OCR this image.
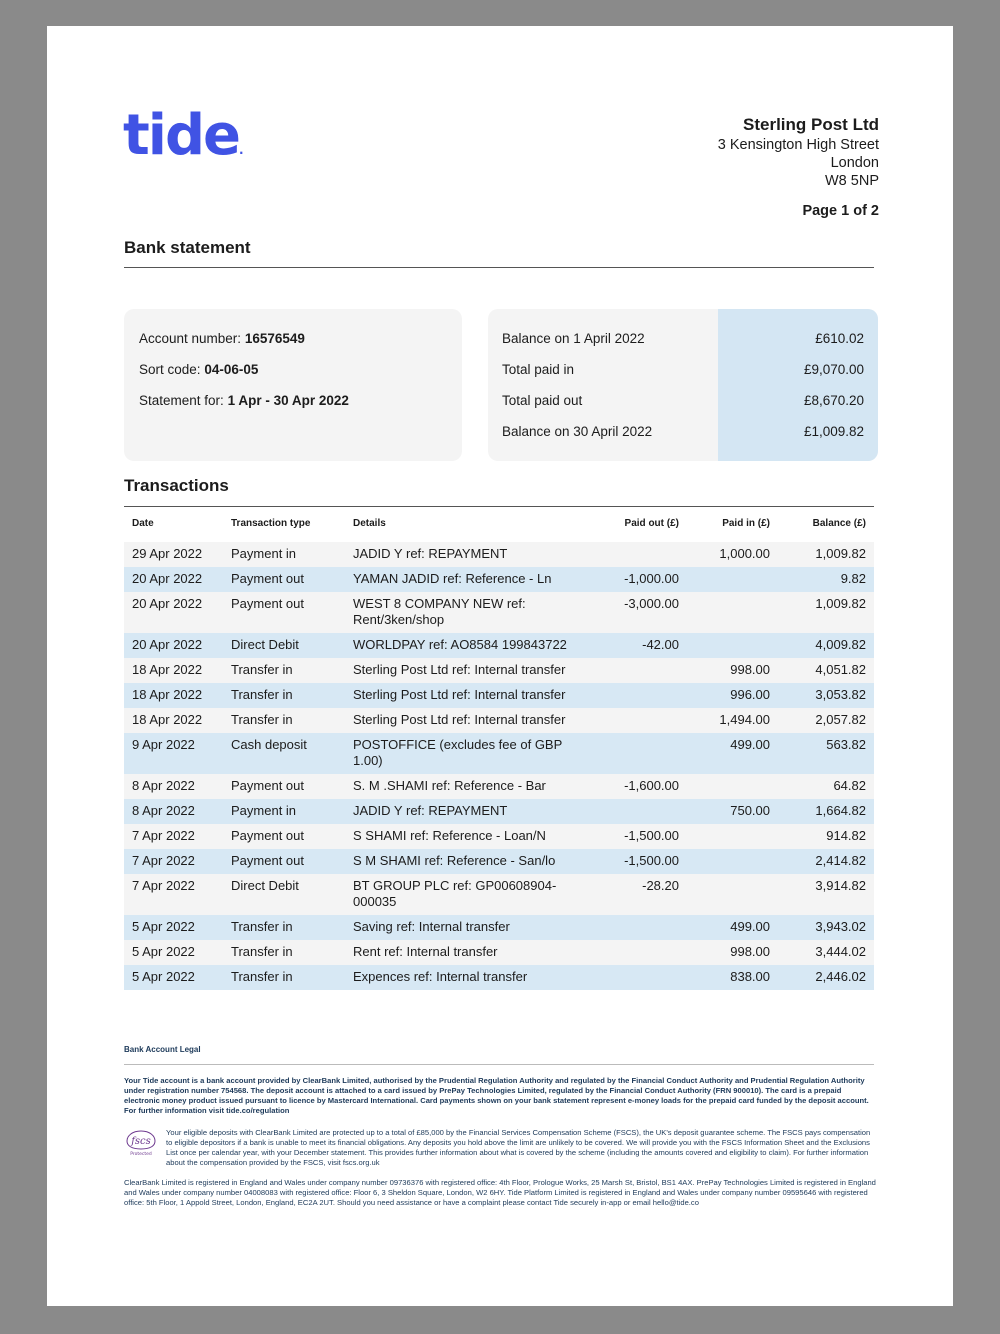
tide.
Sterling Post Ltd
3 Kensington High Street
London
W8 5NP
Page 1 of 2
Bank statement
Account number: 16576549
Sort code: 04-06-05
Statement for: 1 Apr - 30 Apr 2022
Balance on 1 April 2022	£610.02
Total paid in	£9,070.00
Total paid out	£8,670.20
Balance on 30 April 2022	£1,009.82
Transactions
Date	Transaction type	Details	Paid out (£)	Paid in (£)	Balance (£)
29 Apr 2022	Payment in	JADID Y ref: REPAYMENT		1,000.00	1,009.82
20 Apr 2022	Payment out	YAMAN JADID ref: Reference - Ln	-1,000.00		9.82
20 Apr 2022	Payment out	WEST 8 COMPANY NEW ref: Rent/3ken/shop	-3,000.00		1,009.82
20 Apr 2022	Direct Debit	WORLDPAY ref: AO8584 199843722	-42.00		4,009.82
18 Apr 2022	Transfer in	Sterling Post Ltd ref: Internal transfer		998.00	4,051.82
18 Apr 2022	Transfer in	Sterling Post Ltd ref: Internal transfer		996.00	3,053.82
18 Apr 2022	Transfer in	Sterling Post Ltd ref: Internal transfer		1,494.00	2,057.82
9 Apr 2022	Cash deposit	POSTOFFICE (excludes fee of GBP 1.00)		499.00	563.82
8 Apr 2022	Payment out	S. M .SHAMI ref: Reference - Bar	-1,600.00		64.82
8 Apr 2022	Payment in	JADID Y ref: REPAYMENT		750.00	1,664.82
7 Apr 2022	Payment out	S SHAMI ref: Reference - Loan/N	-1,500.00		914.82
7 Apr 2022	Payment out	S M SHAMI ref: Reference - San/lo	-1,500.00		2,414.82
7 Apr 2022	Direct Debit	BT GROUP PLC ref: GP00608904-000035	-28.20		3,914.82
5 Apr 2022	Transfer in	Saving ref: Internal transfer		499.00	3,943.02
5 Apr 2022	Transfer in	Rent ref: Internal transfer		998.00	3,444.02
5 Apr 2022	Transfer in	Expences ref: Internal transfer		838.00	2,446.02
Bank Account Legal
Your Tide account is a bank account provided by ClearBank Limited, authorised by the Prudential Regulation Authority and regulated by the Financial Conduct Authority and Prudential Regulation Authority under registration number 754568. The deposit account is attached to a card issued by PrePay Technologies Limited, regulated by the Financial Conduct Authority (FRN 900010). The card is a prepaid electronic money product issued pursuant to licence by Mastercard International. Card payments shown on your bank statement represent e-money loads for the prepaid card funded by the deposit account. For further information visit tide.co/regulation
fscs
Protected
Your eligible deposits with ClearBank Limited are protected up to a total of £85,000 by the Financial Services Compensation Scheme (FSCS), the UK's deposit guarantee scheme. The FSCS pays compensation to eligible depositors if a bank is unable to meet its financial obligations. Any deposits you hold above the limit are unlikely to be covered. We will provide you with the FSCS Information Sheet and the Exclusions List once per calendar year, with your December statement. This provides further information about what is covered by the scheme (including the amounts covered and eligibility to claim). For further information about the compensation provided by the FSCS, visit fscs.org.uk
ClearBank Limited is registered in England and Wales under company number 09736376 with registered office: 4th Floor, Prologue Works, 25 Marsh St, Bristol, BS1 4AX. PrePay Technologies Limited is registered in England and Wales under company number 04008083 with registered office: Floor 6, 3 Sheldon Square, London, W2 6HY. Tide Platform Limited is registered in England and Wales under company number 09595646 with registered office: 5th Floor, 1 Appold Street, London, England, EC2A 2UT. Should you need assistance or have a complaint please contact Tide securely in-app or email hello@tide.co
